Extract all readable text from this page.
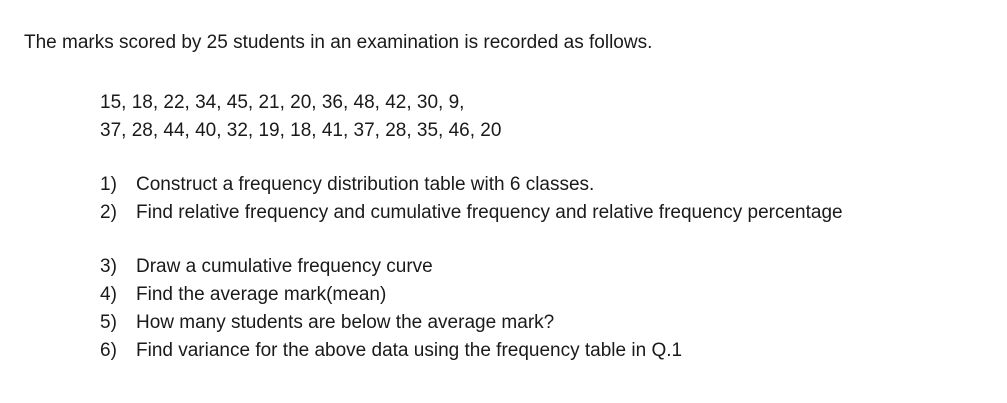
The marks scored by 25 students in an examination is recorded as follows.
15, 18, 22, 34, 45, 21, 20, 36, 48, 42, 30, 9,
37, 28, 44, 40, 32, 19, 18, 41, 37, 28, 35, 46, 20
1) Construct a frequency distribution table with 6 classes.
2) Find relative frequency and cumulative frequency and relative frequency percentage
3) Draw a cumulative frequency curve
4) Find the average mark(mean)
5) How many students are below the average mark?
6) Find variance for the above data using the frequency table in Q.1
